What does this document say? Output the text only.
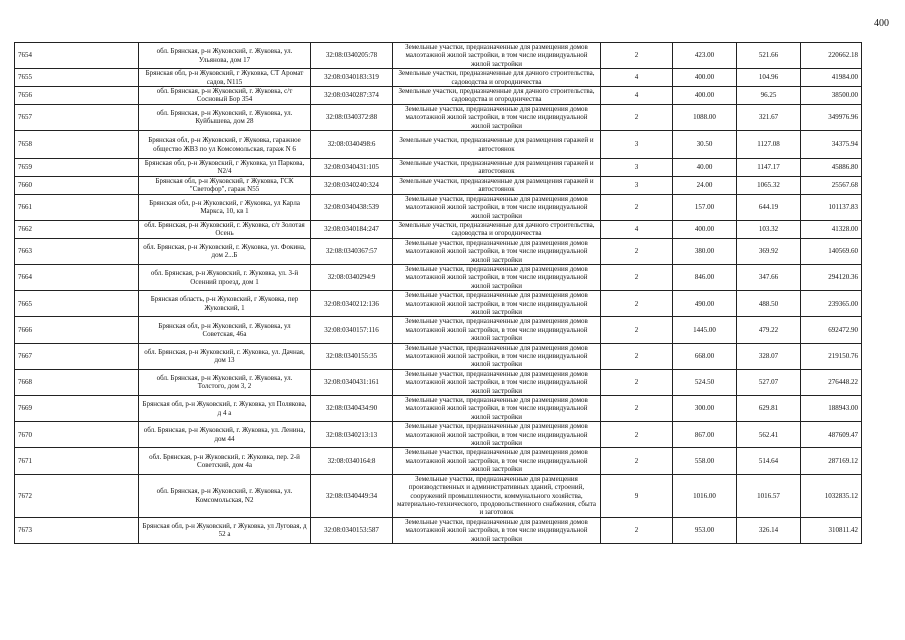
400
7654	обл. Брянская, р-н Жуковский, г. Жуковка, ул. Ульянова, дом 17	32:08:0340205:78	Земельные участки, предназначенные для размещения домов малоэтажной жилой застройки, в том числе индивидуальной жилой застройки	2	423.00	521.66	220662.18
7655	Брянская обл, р-н Жуковский, г Жуковка, СТ Аромат садов, N115	32:08:0340183:319	Земельные участки, предназначенные для дачного строительства, садоводства и огородничества	4	400.00	104.96	41984.00
7656	обл. Брянская, р-н Жуковский, г. Жуковка, с/т Сосновый Бор 354	32:08:0340287:374	Земельные участки, предназначенные для дачного строительства, садоводства и огородничества	4	400.00	96.25	38500.00
7657	обл. Брянская, р-н Жуковский, г. Жуковка, ул. Куйбышева, дом 28	32:08:0340372:88	Земельные участки, предназначенные для размещения домов малоэтажной жилой застройки, в том числе индивидуальной жилой застройки	2	1088.00	321.67	349976.96
7658	Брянская обл, р-н Жуковский, г Жуковка, гаражное общество ЖВЗ по ул Комсомольская, гараж N 6	32:08:0340498:6	Земельные участки, предназначенные для размещения гаражей и автостоянок	3	30.50	1127.08	34375.94
7659	Брянская обл, р-н Жуковский, г Жуковка, ул Паркова, N2/4	32:08:0340431:105	Земельные участки, предназначенные для размещения гаражей и автостоянок	3	40.00	1147.17	45886.80
7660	Брянская обл, р-н Жуковский, г Жуковка, ГСК "Светофор", гараж N55	32:08:0340240:324	Земельные участки, предназначенные для размещения гаражей и автостоянок	3	24.00	1065.32	25567.68
7661	Брянская обл, р-н Жуковский, г Жуковка, ул Карла Маркса, 10, кв 1	32:08:0340438:539	Земельные участки, предназначенные для размещения домов малоэтажной жилой застройки, в том числе индивидуальной жилой застройки	2	157.00	644.19	101137.83
7662	обл. Брянская, р-н Жуковский, г. Жуковка, с/т Золотая Осень	32:08:0340184:247	Земельные участки, предназначенные для дачного строительства, садоводства и огородничества	4	400.00	103.32	41328.00
7663	обл. Брянская, р-н Жуковский, г. Жуковка, ул. Фокина, дом 2...Б	32:08:0340367:57	Земельные участки, предназначенные для размещения домов малоэтажной жилой застройки, в том числе индивидуальной жилой застройки	2	380.00	369.92	140569.60
7664	обл. Брянская, р-н Жуковский, г. Жуковка, ул. 3-й Осенний проезд, дом 1	32:08:0340294:9	Земельные участки, предназначенные для размещения домов малоэтажной жилой застройки, в том числе индивидуальной жилой застройки	2	846.00	347.66	294120.36
7665	Брянская область, р-н Жуковский, г Жуковка, пер Жуковский, 1	32:08:0340212:136	Земельные участки, предназначенные для размещения домов малоэтажной жилой застройки, в том числе индивидуальной жилой застройки	2	490.00	488.50	239365.00
7666	Брянская обл, р-н Жуковский, г. Жуковка, ул Советская, 46а	32:08:0340157:116	Земельные участки, предназначенные для размещения домов малоэтажной жилой застройки, в том числе индивидуальной жилой застройки	2	1445.00	479.22	692472.90
7667	обл. Брянская, р-н Жуковский, г. Жуковка, ул. Дачная, дом 13	32:08:0340155:35	Земельные участки, предназначенные для размещения домов малоэтажной жилой застройки, в том числе индивидуальной жилой застройки	2	668.00	328.07	219150.76
7668	обл. Брянская, р-н Жуковский, г. Жуковка, ул. Толстого, дом 3, 2	32:08:0340431:161	Земельные участки, предназначенные для размещения домов малоэтажной жилой застройки, в том числе индивидуальной жилой застройки	2	524.50	527.07	276448.22
7669	Брянская обл, р-н Жуковский, г. Жуковка, ул Полякова, д 4 а	32:08:0340434:90	Земельные участки, предназначенные для размещения домов малоэтажной жилой застройки, в том числе индивидуальной жилой застройки	2	300.00	629.81	188943.00
7670	обл. Брянская, р-н Жуковский, г. Жуковка, ул. Ленина, дом 44	32:08:0340213:13	Земельные участки, предназначенные для размещения домов малоэтажной жилой застройки, в том числе индивидуальной жилой застройки	2	867.00	562.41	487609.47
7671	обл. Брянская, р-н Жуковский, г. Жуковка, пер. 2-й Советский, дом 4а	32:08:0340164:8	Земельные участки, предназначенные для размещения домов малоэтажной жилой застройки, в том числе индивидуальной жилой застройки	2	558.00	514.64	287169.12
7672	обл. Брянская, р-н Жуковский, г. Жуковка, ул. Комсомольская, N2	32:08:0340449:34	Земельные участки, предназначенные для размещения производственных и административных зданий, строений, сооружений промышленности, коммунального хозяйства, материально-технического, продовольственного снабжения, сбыта и заготовок	9	1016.00	1016.57	1032835.12
7673	Брянская обл, р-н Жуковский, г Жуковка, ул Луговая, д 52 а	32:08:0340153:587	Земельные участки, предназначенные для размещения домов малоэтажной жилой застройки, в том числе индивидуальной жилой застройки	2	953.00	326.14	310811.42
